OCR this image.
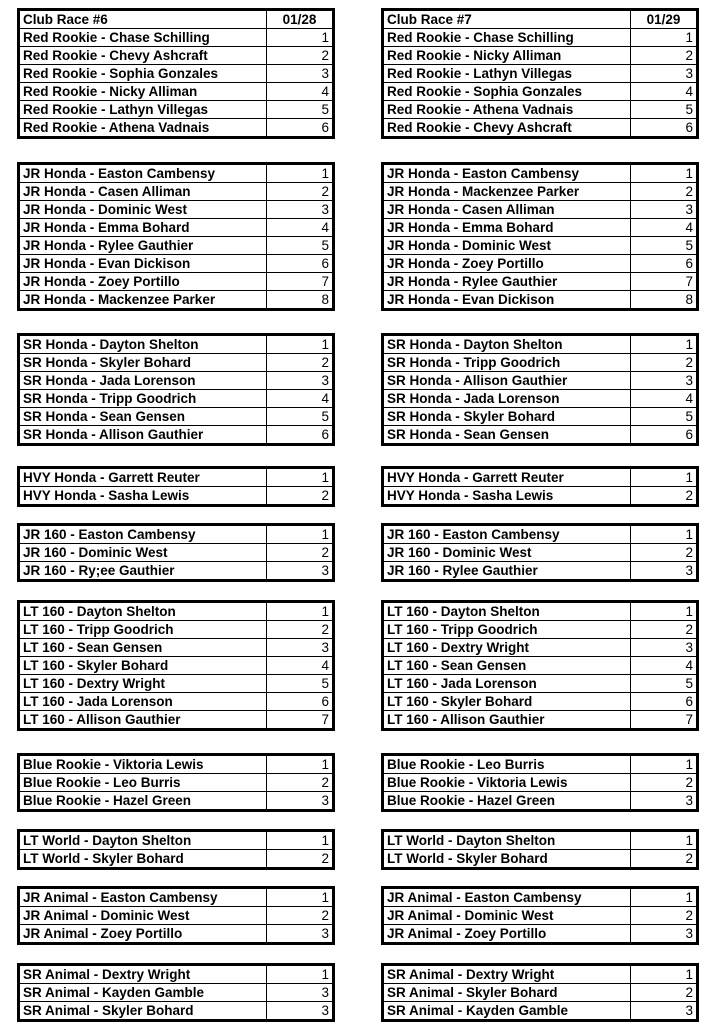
Club Race #6	01/28
Red Rookie - Chase Schilling	1
Red Rookie - Chevy Ashcraft	2
Red Rookie - Sophia Gonzales	3
Red Rookie - Nicky Alliman	4
Red Rookie - Lathyn Villegas	5
Red Rookie - Athena Vadnais	6
JR Honda - Easton Cambensy	1
JR Honda - Casen Alliman	2
JR Honda - Dominic West	3
JR Honda - Emma Bohard	4
JR Honda - Rylee Gauthier	5
JR Honda - Evan Dickison	6
JR Honda - Zoey Portillo	7
JR Honda - Mackenzee Parker	8
SR Honda - Dayton Shelton	1
SR Honda - Skyler Bohard	2
SR Honda - Jada Lorenson	3
SR Honda - Tripp Goodrich	4
SR Honda - Sean Gensen	5
SR Honda - Allison Gauthier	6
HVY Honda - Garrett Reuter	1
HVY Honda - Sasha Lewis	2
JR 160 - Easton Cambensy	1
JR 160 - Dominic West	2
JR 160 - Ry;ee Gauthier	3
LT 160 - Dayton Shelton	1
LT 160 - Tripp Goodrich	2
LT 160 - Sean Gensen	3
LT 160 - Skyler Bohard	4
LT 160 - Dextry Wright	5
LT 160 - Jada Lorenson	6
LT 160 - Allison Gauthier	7
Blue Rookie - Viktoria Lewis	1
Blue Rookie - Leo Burris	2
Blue Rookie - Hazel Green	3
LT World - Dayton Shelton	1
LT World - Skyler Bohard	2
JR Animal - Easton Cambensy	1
JR Animal - Dominic West	2
JR Animal - Zoey Portillo	3
SR Animal - Dextry Wright	1
SR Animal - Kayden Gamble	3
SR Animal - Skyler Bohard	3
Club Race #7	01/29
Red Rookie - Chase Schilling	1
Red Rookie - Nicky Alliman	2
Red Rookie - Lathyn Villegas	3
Red Rookie - Sophia Gonzales	4
Red Rookie - Athena Vadnais	5
Red Rookie - Chevy Ashcraft	6
JR Honda - Easton Cambensy	1
JR Honda - Mackenzee Parker	2
JR Honda - Casen Alliman	3
JR Honda - Emma Bohard	4
JR Honda - Dominic West	5
JR Honda - Zoey Portillo	6
JR Honda - Rylee Gauthier	7
JR Honda - Evan Dickison	8
SR Honda - Dayton Shelton	1
SR Honda - Tripp Goodrich	2
SR Honda - Allison Gauthier	3
SR Honda - Jada Lorenson	4
SR Honda - Skyler Bohard	5
SR Honda - Sean Gensen	6
HVY Honda - Garrett Reuter	1
HVY Honda - Sasha Lewis	2
JR 160 - Easton Cambensy	1
JR 160 - Dominic West	2
JR 160 - Rylee Gauthier	3
LT 160 - Dayton Shelton	1
LT 160 - Tripp Goodrich	2
LT 160 - Dextry Wright	3
LT 160 - Sean Gensen	4
LT 160 - Jada Lorenson	5
LT 160 - Skyler Bohard	6
LT 160 - Allison Gauthier	7
Blue Rookie - Leo Burris	1
Blue Rookie - Viktoria Lewis	2
Blue Rookie - Hazel Green	3
LT World - Dayton Shelton	1
LT World - Skyler Bohard	2
JR Animal - Easton Cambensy	1
JR Animal - Dominic West	2
JR Animal - Zoey Portillo	3
SR Animal - Dextry Wright	1
SR Animal - Skyler Bohard	2
SR Animal - Kayden Gamble	3
